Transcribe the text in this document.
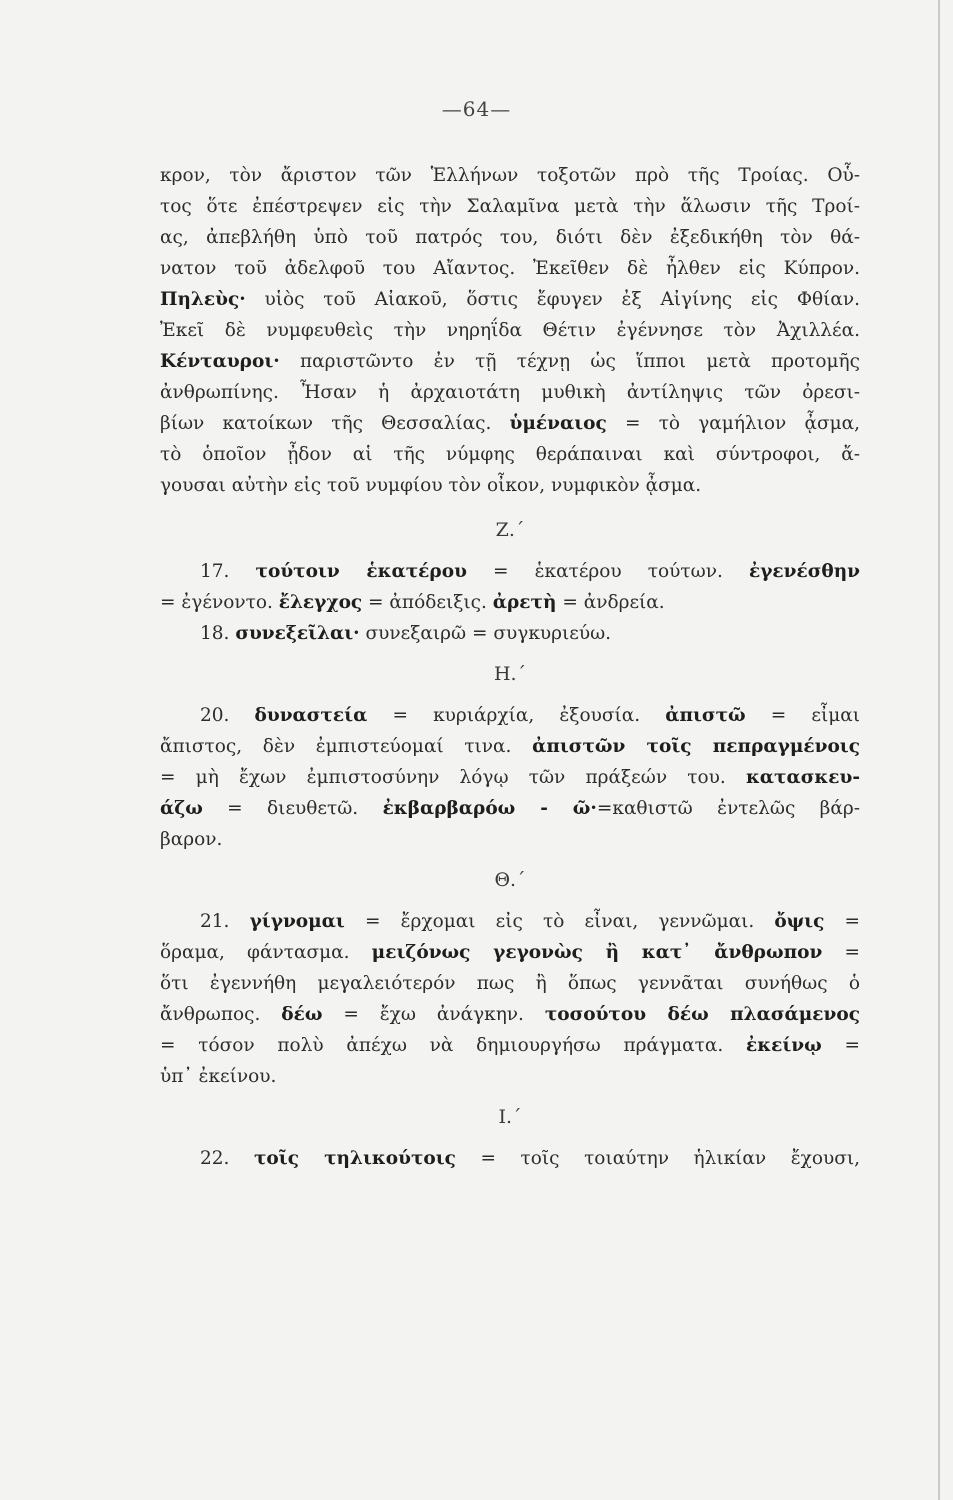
—64—
κρον, τὸν ἄριστον τῶν Ἑλλήνων τοξοτῶν πρὸ τῆς Τροίας. Οὗ-
τος ὅτε ἐπέστρεψεν εἰς τὴν Σαλαμῖνα μετὰ τὴν ἅλωσιν τῆς Τροί-
ας, ἀπεβλήθη ὑπὸ τοῦ πατρός του, διότι δὲν ἐξεδικήθη τὸν θά-
νατον τοῦ ἀδελφοῦ του Αἴαντος. Ἐκεῖθεν δὲ ἦλθεν εἰς Κύπρον.
Πηλεὺς· υἱὸς τοῦ Αἰακοῦ, ὅστις ἔφυγεν ἐξ Αἰγίνης εἰς Φθίαν.
Ἐκεῖ δὲ νυμφευθεὶς τὴν νηρηΐδα Θέτιν ἐγέννησε τὸν Ἀχιλλέα.
Κένταυροι· παριστῶντο ἐν τῇ τέχνῃ ὡς ἵπποι μετὰ προτομῆς
ἀνθρωπίνης. Ἦσαν ἡ ἀρχαιοτάτη μυθικὴ ἀντίληψις τῶν ὀρεσι-
βίων κατοίκων τῆς Θεσσαλίας. ὑμέναιος = τὸ γαμήλιον ᾆσμα,
τὸ ὁποῖον ᾖδον αἱ τῆς νύμφης θεράπαιναι καὶ σύντροφοι, ἄ-
γουσαι αὐτὴν εἰς τοῦ νυμφίου τὸν οἶκον, νυμφικὸν ᾆσμα.
Ζ.΄
17. τούτοιν ἑκατέρου = ἑκατέρου τούτων. ἐγενέσθην
= ἐγένοντο. ἔλεγχος = ἀπόδειξις. ἀρετὴ = ἀνδρεία.
18. συνεξεῖλαι· συνεξαιρῶ = συγκυριεύω.
Η.΄
20. δυναστεία = κυριάρχία, ἐξουσία. ἀπιστῶ = εἶμαι
ἄπιστος, δὲν ἐμπιστεύομαί τινα. ἀπιστῶν τοῖς πεπραγμένοις
= μὴ ἔχων ἐμπιστοσύνην λόγῳ τῶν πράξεών του. κατασκευ-
άζω = διευθετῶ. ἐκβαρβαρόω - ῶ·=καθιστῶ ἐντελῶς βάρ-
βαρον.
Θ.΄
21. γίγνομαι = ἔρχομαι εἰς τὸ εἶναι, γεννῶμαι. ὄψις =
ὅραμα, φάντασμα. μειζόνως γεγονὼς ἢ κατ᾽ ἄνθρωπον =
ὅτι ἐγεννήθη μεγαλειότερόν πως ἢ ὅπως γεννᾶται συνήθως ὁ
ἄνθρωπος. δέω = ἔχω ἀνάγκην. τοσούτου δέω πλασάμενος
= τόσον πολὺ ἀπέχω νὰ δημιουργήσω πράγματα. ἐκείνῳ =
ὑπ᾽ ἐκείνου.
Ι.΄
22. τοῖς τηλικούτοις = τοῖς τοιαύτην ἡλικίαν ἔχουσι,
